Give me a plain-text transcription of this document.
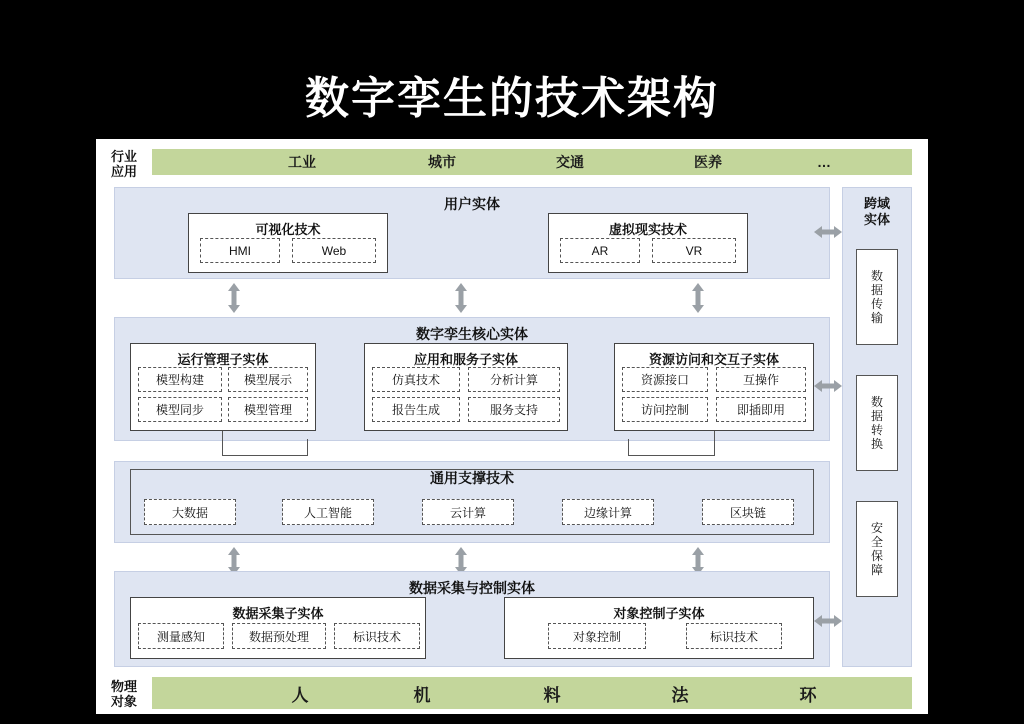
数字孪生的技术架构
行业
应用
工业	城市	交通	医养	…
用户实体
可视化技术
HMI	Web
虚拟现实技术
AR	VR
数字孪生核心实体
运行管理子实体
模型构建	模型展示
模型同步	模型管理
应用和服务子实体
仿真技术	分析计算
报告生成	服务支持
资源访问和交互子实体
资源接口	互操作
访问控制	即插即用
通用支撑技术
大数据	人工智能	云计算	边缘计算	区块链
数据采集与控制实体
数据采集子实体
测量感知	数据预处理	标识技术
对象控制子实体
对象控制	标识技术
跨域
实体
数
据
传
输
数
据
转
换
安
全
保
障
物理
对象	人	机	料	法	环
